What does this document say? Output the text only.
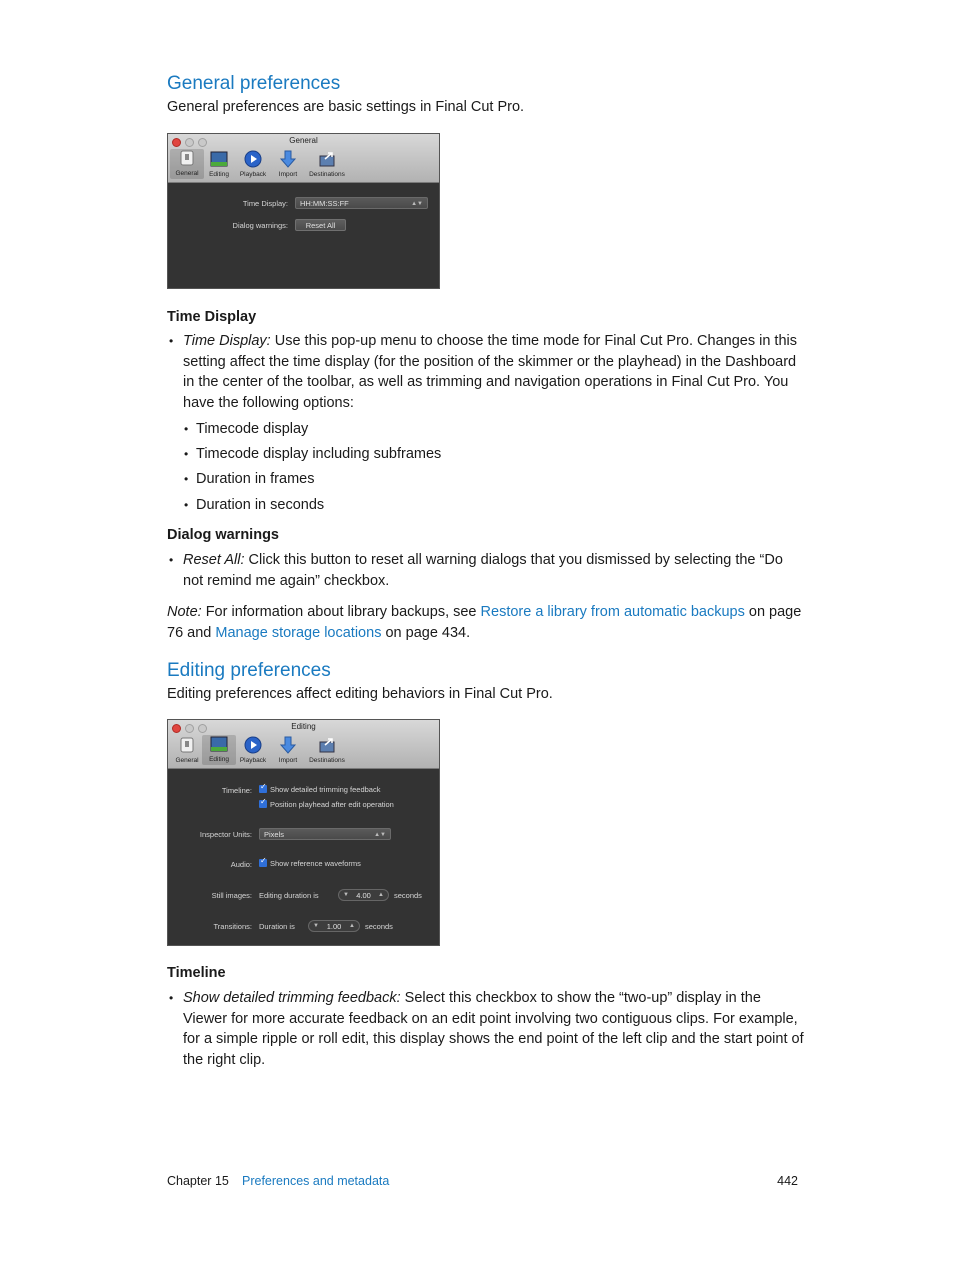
General preferences
General preferences are basic settings in Final Cut Pro.
General
General	Editing	Playback	Import	Destinations
Time Display:	HH:MM:SS:FF	▲▼
Dialog warnings:	Reset All
Time Display
• Time Display: Use this pop-up menu to choose the time mode for Final Cut Pro. Changes in this setting affect the time display (for the position of the skimmer or the playhead) in the Dashboard in the center of the toolbar, as well as trimming and navigation operations in Final Cut Pro. You have the following options:
• Timecode display
• Timecode display including subframes
• Duration in frames
• Duration in seconds
Dialog warnings
• Reset All: Click this button to reset all warning dialogs that you dismissed by selecting the “Do not remind me again” checkbox.
Note: For information about library backups, see Restore a library from automatic backups on page 76 and Manage storage locations on page 434.
Editing preferences
Editing preferences affect editing behaviors in Final Cut Pro.
Editing
General	Editing	Playback	Import	Destinations
Timeline: ✓	Show detailed trimming feedback
✓Position playhead after edit operation
Inspector Units:	Pixels	▲▼
Audio: ✓	Show reference waveforms
Still images: Editing duration is	▼ 4.00 ▲ seconds
Transitions: Duration is	▼ 1.00 ▲ seconds
Timeline
• Show detailed trimming feedback: Select this checkbox to show the “two-up” display in the Viewer for more accurate feedback on an edit point involving two contiguous clips. For example, for a simple ripple or roll edit, this display shows the end point of the left clip and the start point of the right clip.
Chapter 15 Preferences and metadata	442
